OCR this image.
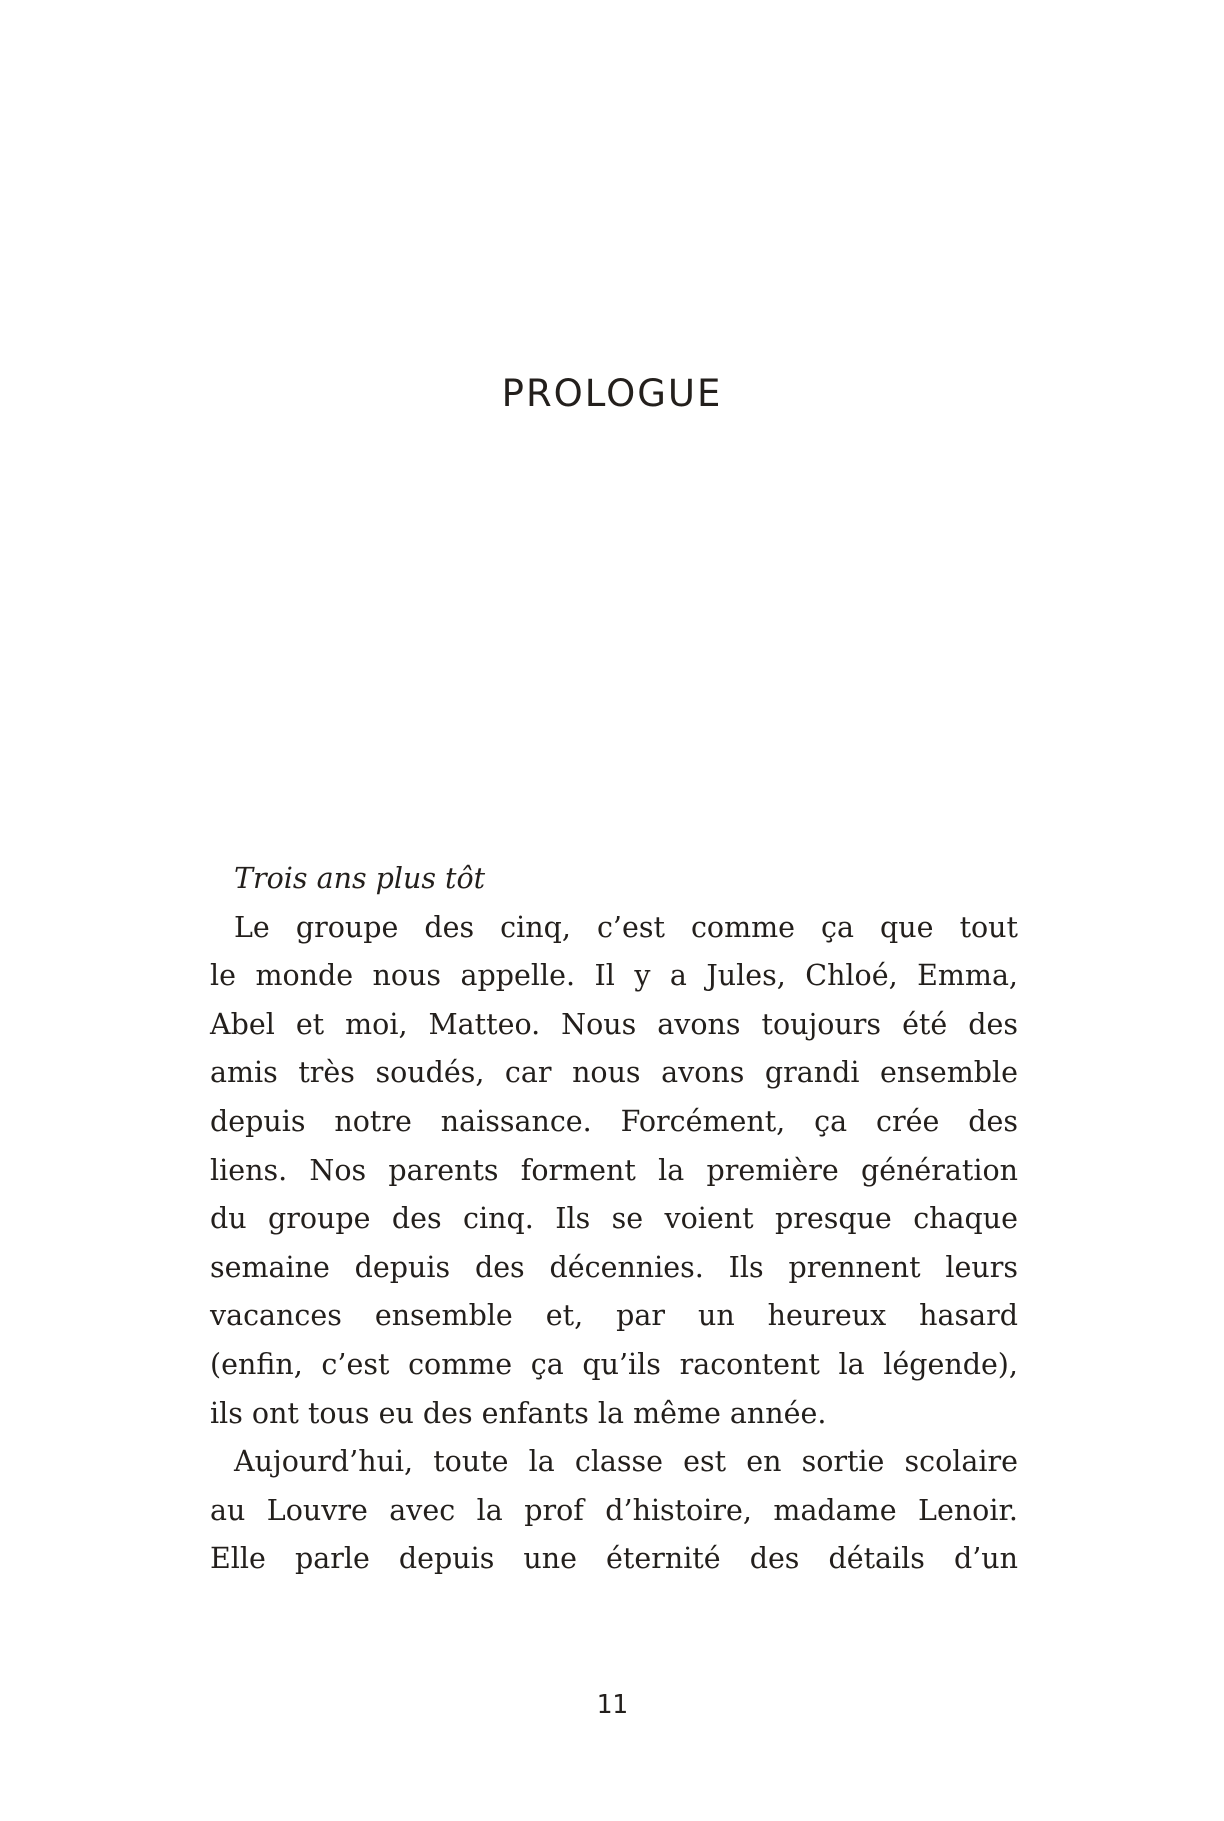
PROLOGUE
Trois ans plus tôt
Le groupe des cinq, c’est comme ça que tout
le monde nous appelle. Il y a Jules, Chloé, Emma,
Abel et moi, Matteo. Nous avons toujours été des
amis très soudés, car nous avons grandi ensemble
depuis notre naissance. Forcément, ça crée des
liens. Nos parents forment la première génération
du groupe des cinq. Ils se voient presque chaque
semaine depuis des décennies. Ils prennent leurs
vacances ensemble et, par un heureux hasard
(enfin, c’est comme ça qu’ils racontent la légende),
ils ont tous eu des enfants la même année.
Aujourd’hui, toute la classe est en sortie scolaire
au Louvre avec la prof d’histoire, madame Lenoir.
Elle parle depuis une éternité des détails d’un
11
